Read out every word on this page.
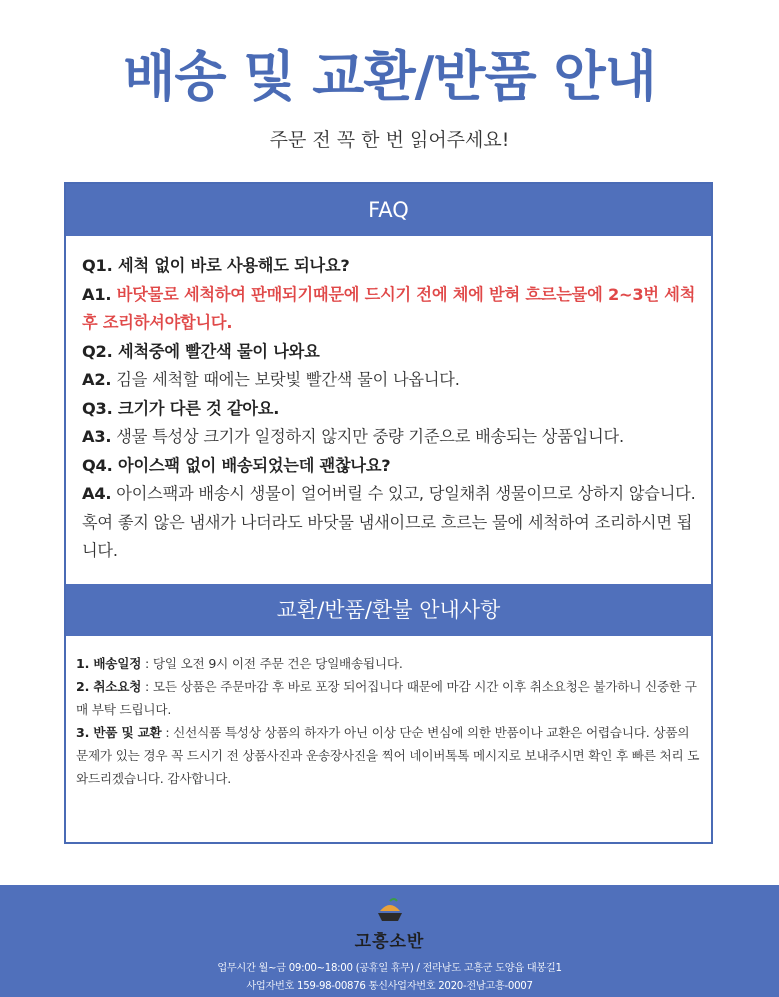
배송 및 교환/반품 안내
주문 전 꼭 한 번 읽어주세요!
FAQ
Q1. 세척 없이 바로 사용해도 되나요?
A1. 바닷물로 세척하여 판매되기때문에 드시기 전에 체에 받혀 흐르는물에 2~3번 세척 후 조리하셔야합니다.
Q2. 세척중에 빨간색 물이 나와요
A2. 김을 세척할 때에는 보랏빛 빨간색 물이 나옵니다.
Q3. 크기가 다른 것 같아요.
A3. 생물 특성상 크기가 일정하지 않지만 중량 기준으로 배송되는 상품입니다.
Q4. 아이스팩 없이 배송되었는데 괜찮나요?
A4. 아이스팩과 배송시 생물이 얼어버릴 수 있고, 당일채취 생물이므로 상하지 않습니다. 혹여 좋지 않은 냄새가 나더라도 바닷물 냄새이므로 흐르는 물에 세척하여 조리하시면 됩니다.
교환/반품/환불 안내사항
1. 배송일정 : 당일 오전 9시 이전 주문 건은 당일배송됩니다.
2. 취소요청 : 모든 상품은 주문마감 후 바로 포장 되어집니다 때문에 마감 시간 이후 취소요청은 불가하니 신중한 구매 부탁 드립니다.
3. 반품 및 교환 : 신선식품 특성상 상품의 하자가 아닌 이상 단순 변심에 의한 반품이나 교환은 어렵습니다. 상품의 문제가 있는 경우 꼭 드시기 전 상품사진과 운송장사진을 찍어 네이버톡톡 메시지로 보내주시면 확인 후 빠른 처리 도와드리겠습니다. 감사합니다.
고흥소반
업무시간 월~금 09:00~18:00 (공휴일 휴무) / 전라남도 고흥군 도양읍 대봉길1
사업자번호 159-98-00876 통신사업자번호 2020-전남고흥-0007
